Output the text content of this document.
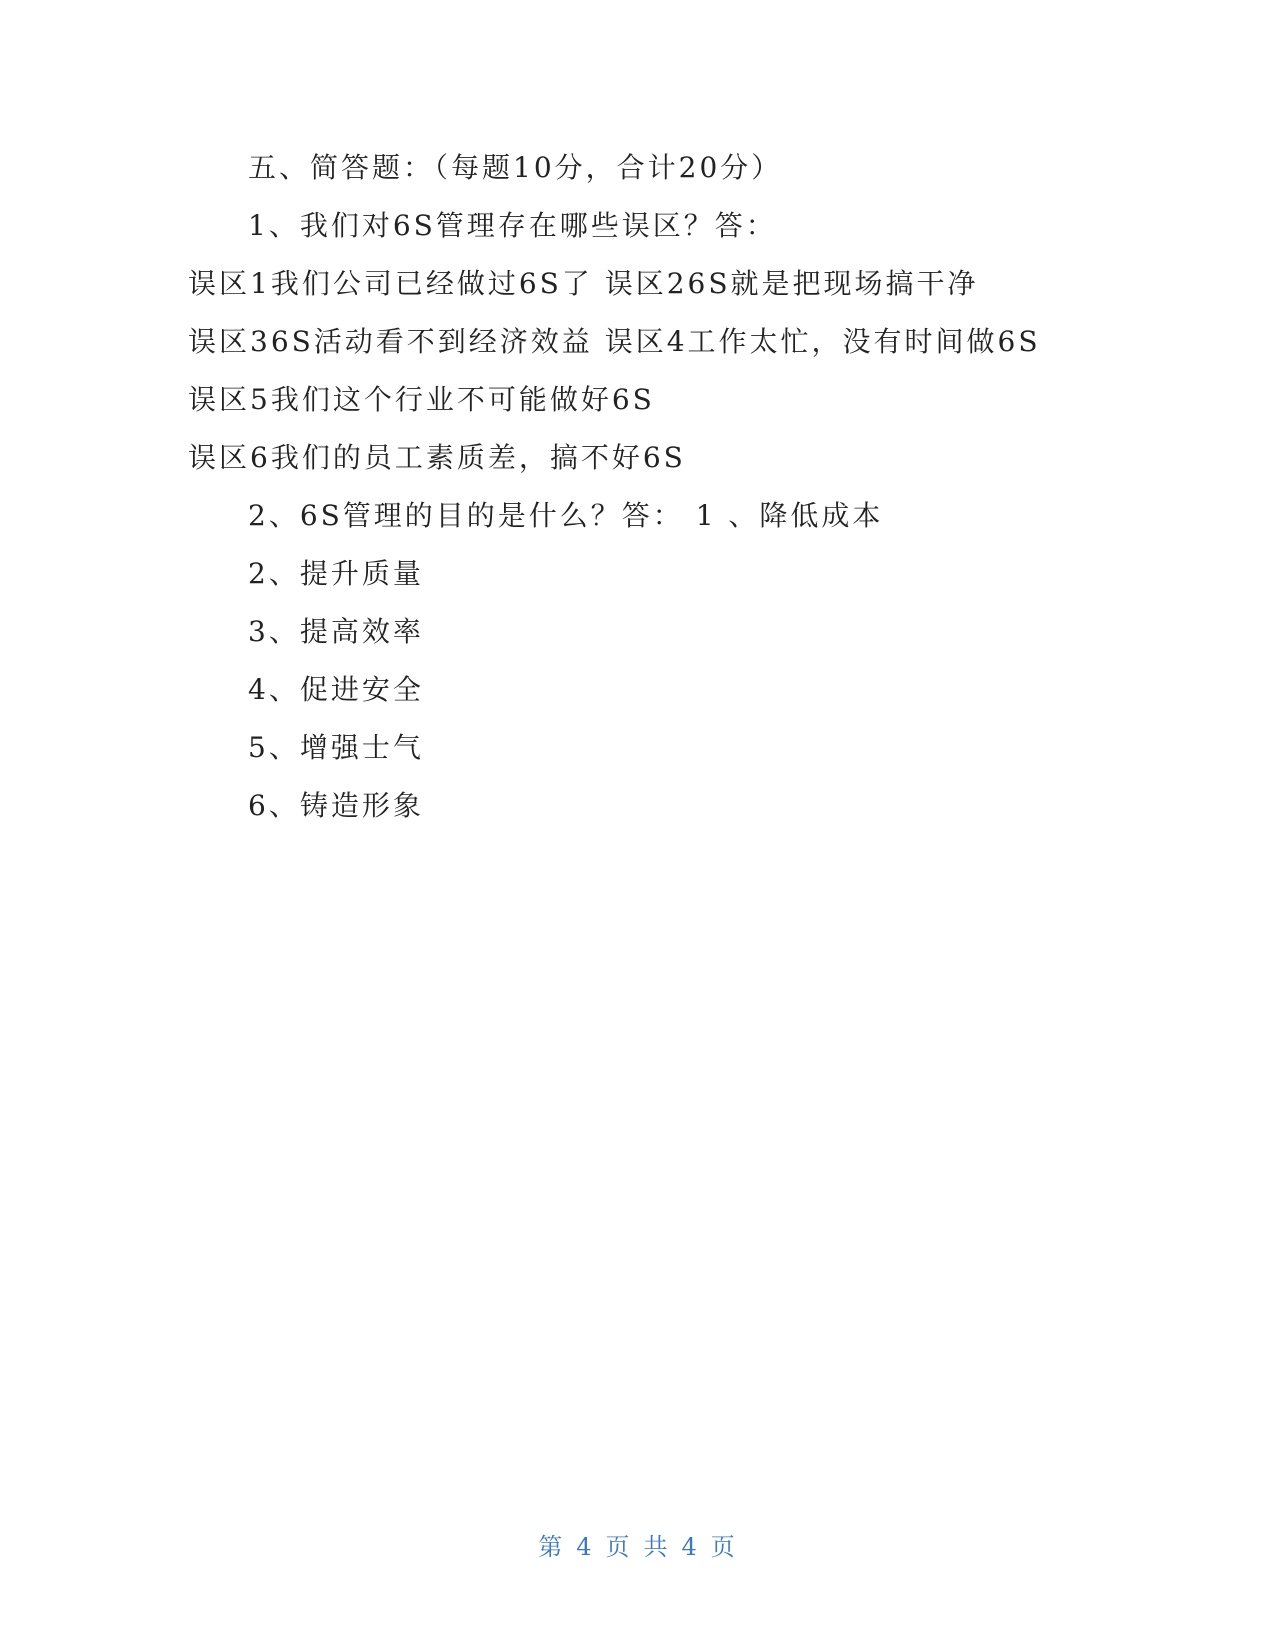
五、简答题：（每题10分，合计20分）
1、我们对6S管理存在哪些误区？答：
误区1我们公司已经做过6S了 误区26S就是把现场搞干净
误区36S活动看不到经济效益 误区4工作太忙，没有时间做6S
误区5我们这个行业不可能做好6S
误区6我们的员工素质差，搞不好6S
2、6S管理的目的是什么？答： 1 、降低成本
2、提升质量
3、提高效率
4、促进安全
5、增强士气
6、铸造形象
第 4 页 共 4 页
